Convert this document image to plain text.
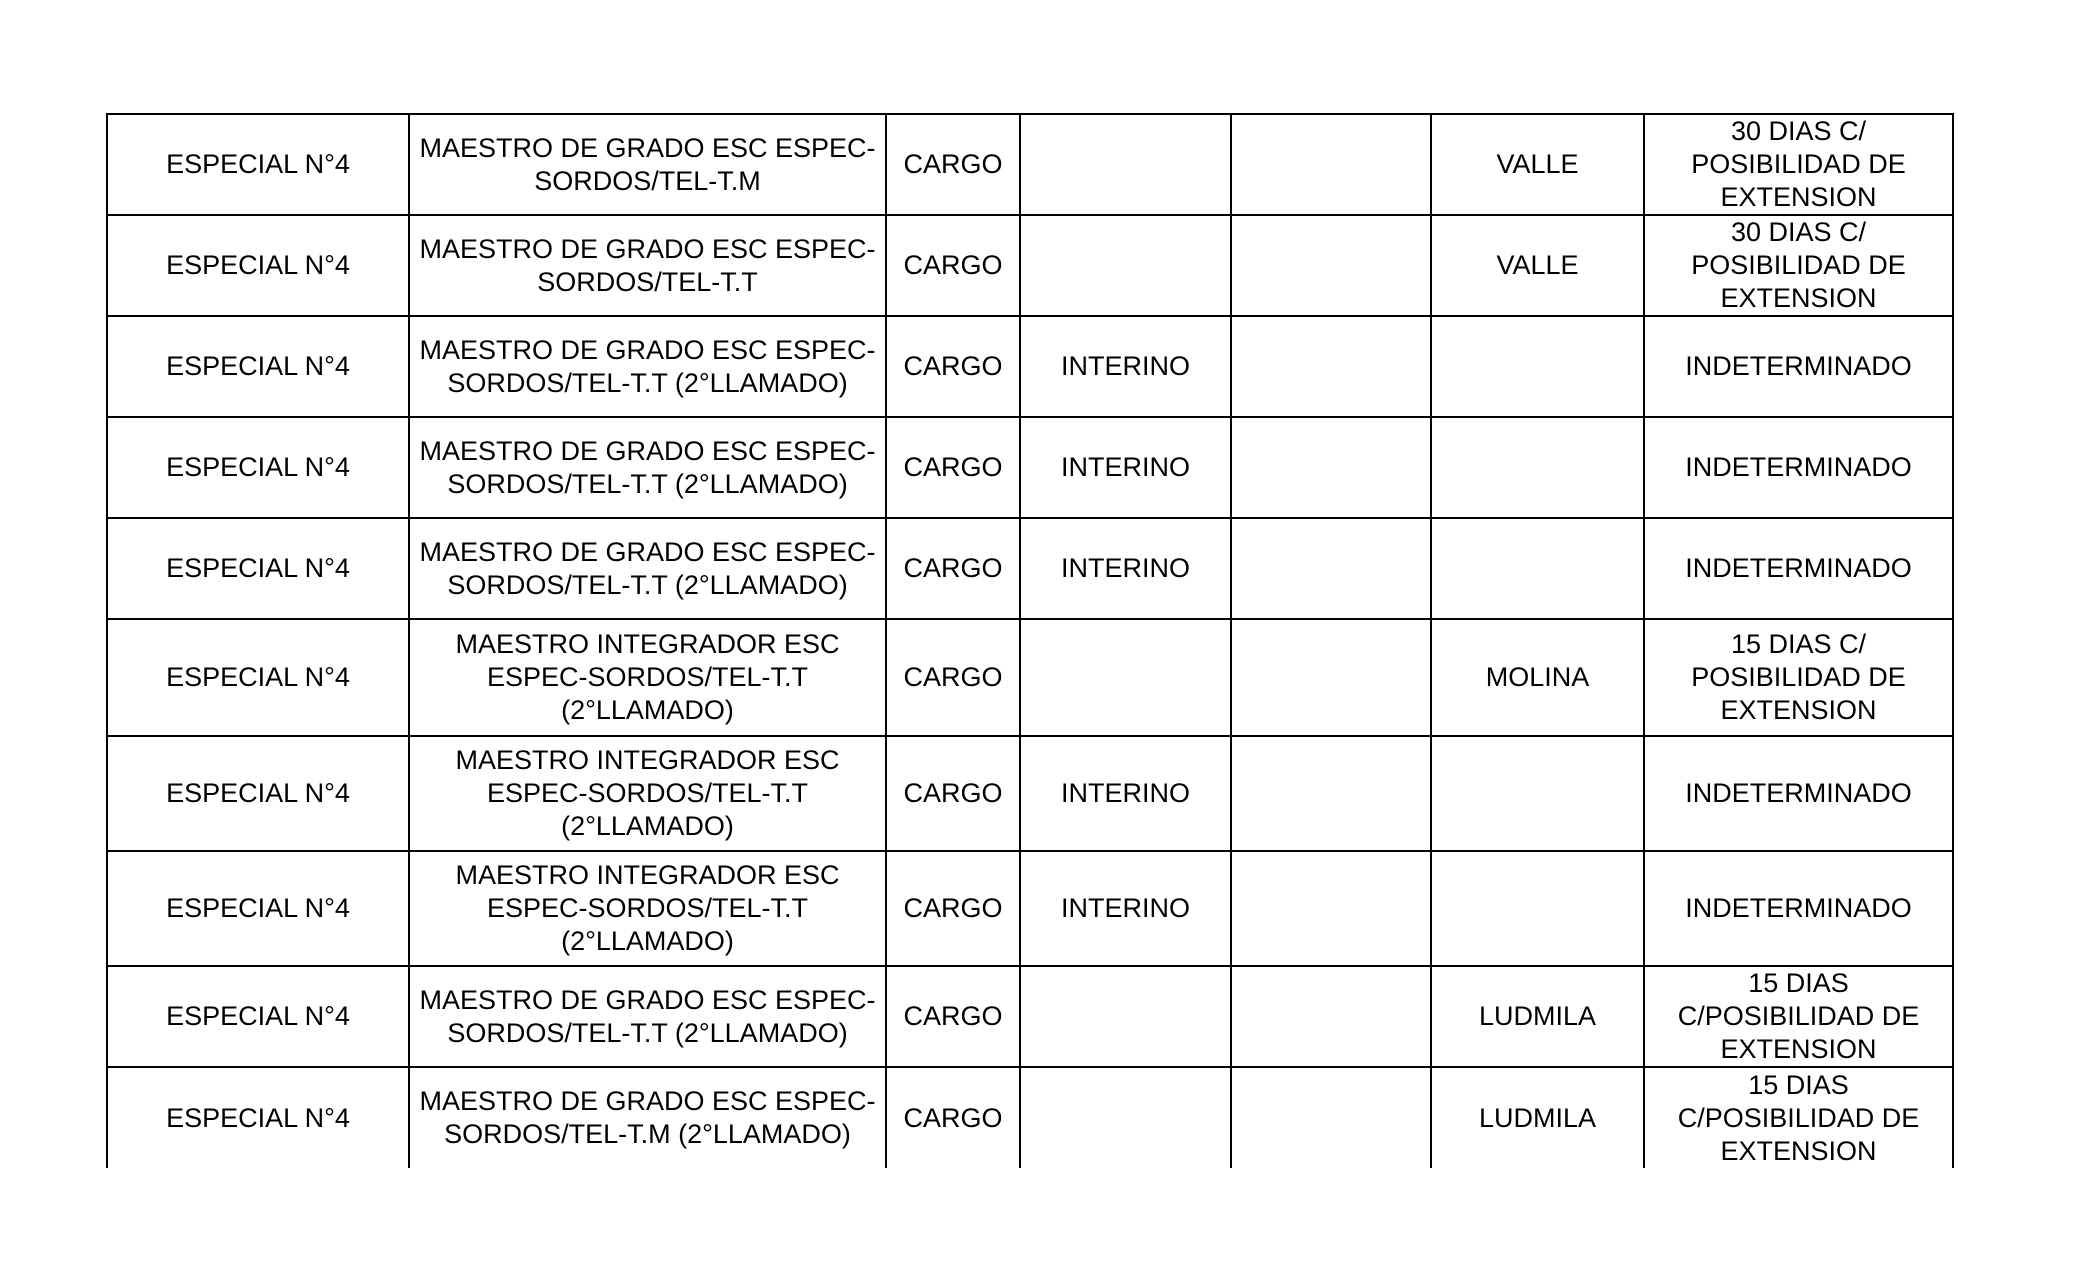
ESPECIAL N°4	MAESTRO DE GRADO ESC ESPEC-
SORDOS/TEL-T.M	CARGO			VALLE	30 DIAS C/
POSIBILIDAD DE
EXTENSION
ESPECIAL N°4	MAESTRO DE GRADO ESC ESPEC-
SORDOS/TEL-T.T	CARGO			VALLE	30 DIAS C/
POSIBILIDAD DE
EXTENSION
ESPECIAL N°4	MAESTRO DE GRADO ESC ESPEC-
SORDOS/TEL-T.T (2°LLAMADO)	CARGO	INTERINO			INDETERMINADO
ESPECIAL N°4	MAESTRO DE GRADO ESC ESPEC-
SORDOS/TEL-T.T (2°LLAMADO)	CARGO	INTERINO			INDETERMINADO
ESPECIAL N°4	MAESTRO DE GRADO ESC ESPEC-
SORDOS/TEL-T.T (2°LLAMADO)	CARGO	INTERINO			INDETERMINADO
ESPECIAL N°4	MAESTRO INTEGRADOR ESC
ESPEC-SORDOS/TEL-T.T
(2°LLAMADO)	CARGO			MOLINA	15 DIAS C/
POSIBILIDAD DE
EXTENSION
ESPECIAL N°4	MAESTRO INTEGRADOR ESC
ESPEC-SORDOS/TEL-T.T
(2°LLAMADO)	CARGO	INTERINO			INDETERMINADO
ESPECIAL N°4	MAESTRO INTEGRADOR ESC
ESPEC-SORDOS/TEL-T.T
(2°LLAMADO)	CARGO	INTERINO			INDETERMINADO
ESPECIAL N°4	MAESTRO DE GRADO ESC ESPEC-
SORDOS/TEL-T.T (2°LLAMADO)	CARGO			LUDMILA	15 DIAS
C/POSIBILIDAD DE
EXTENSION
ESPECIAL N°4	MAESTRO DE GRADO ESC ESPEC-
SORDOS/TEL-T.M (2°LLAMADO)	CARGO			LUDMILA	15 DIAS
C/POSIBILIDAD DE
EXTENSION
